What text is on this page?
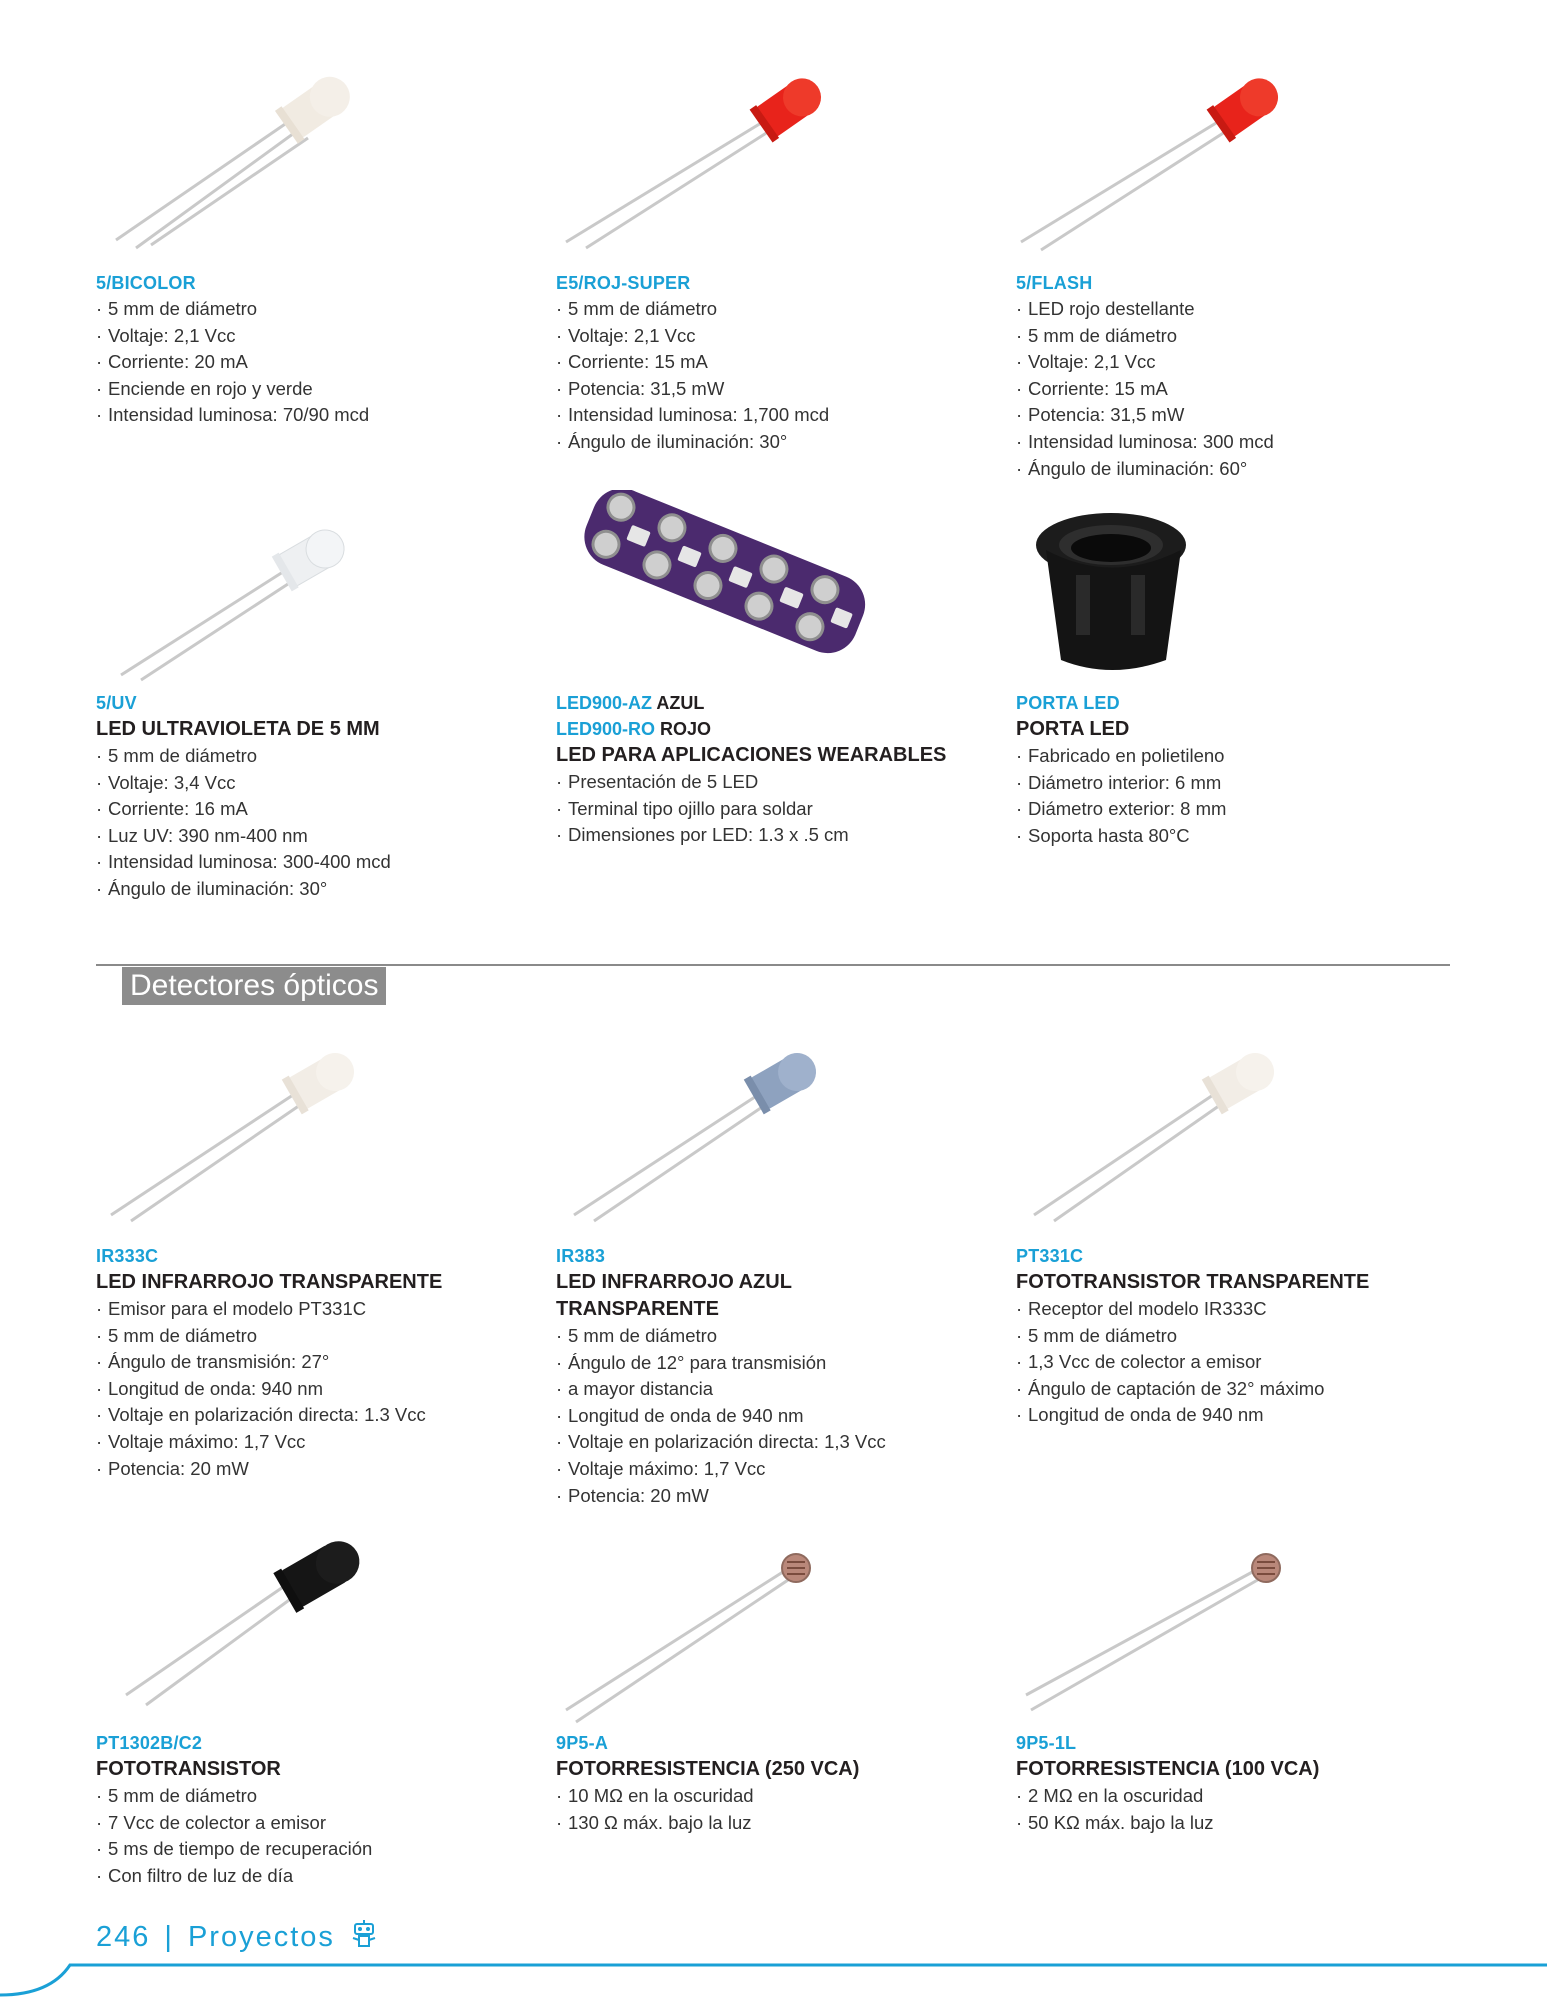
5/BICOLOR
· 5 mm de diámetro
· Voltaje: 2,1 Vcc
· Corriente: 20 mA
· Enciende en rojo y verde
· Intensidad luminosa: 70/90 mcd
E5/ROJ-SUPER
· 5 mm de diámetro
· Voltaje: 2,1 Vcc
· Corriente: 15 mA
· Potencia: 31,5 mW
· Intensidad luminosa: 1,700 mcd
· Ángulo de iluminación: 30°
5/FLASH
· LED rojo destellante
· 5 mm de diámetro
· Voltaje: 2,1 Vcc
· Corriente: 15 mA
· Potencia: 31,5 mW
· Intensidad luminosa: 300 mcd
· Ángulo de iluminación: 60°
5/UV
LED ULTRAVIOLETA DE 5 MM
· 5 mm de diámetro
· Voltaje: 3,4 Vcc
· Corriente: 16 mA
· Luz UV: 390 nm-400 nm
· Intensidad luminosa: 300-400 mcd
· Ángulo de iluminación: 30°
LED900-AZ AZUL
LED900-RO ROJO
LED PARA APLICACIONES WEARABLES
· Presentación de 5 LED
· Terminal tipo ojillo para soldar
· Dimensiones por LED: 1.3 x .5 cm
PORTA LED
PORTA LED
· Fabricado en polietileno
· Diámetro interior: 6 mm
· Diámetro exterior: 8 mm
· Soporta hasta 80°C
Detectores ópticos
IR333C
LED INFRARROJO TRANSPARENTE
· Emisor para el modelo PT331C
· 5 mm de diámetro
· Ángulo de transmisión: 27°
· Longitud de onda: 940 nm
· Voltaje en polarización directa: 1.3 Vcc
· Voltaje máximo: 1,7 Vcc
· Potencia: 20 mW
IR383
LED INFRARROJO AZUL
TRANSPARENTE
· 5 mm de diámetro
· Ángulo de 12° para transmisión
· a mayor distancia
· Longitud de onda de 940 nm
· Voltaje en polarización directa: 1,3 Vcc
· Voltaje máximo: 1,7 Vcc
· Potencia: 20 mW
PT331C
FOTOTRANSISTOR TRANSPARENTE
· Receptor del modelo IR333C
· 5 mm de diámetro
· 1,3 Vcc de colector a emisor
· Ángulo de captación de 32° máximo
· Longitud de onda de 940 nm
PT1302B/C2
FOTOTRANSISTOR
· 5 mm de diámetro
· 7 Vcc de colector a emisor
· 5 ms de tiempo de recuperación
· Con filtro de luz de día
9P5-A
FOTORRESISTENCIA (250 VCA)
· 10 MΩ en la oscuridad
· 130 Ω máx. bajo la luz
9P5-1L
FOTORRESISTENCIA (100 VCA)
· 2 MΩ en la oscuridad
· 50 KΩ máx. bajo la luz
246 | Proyectos
